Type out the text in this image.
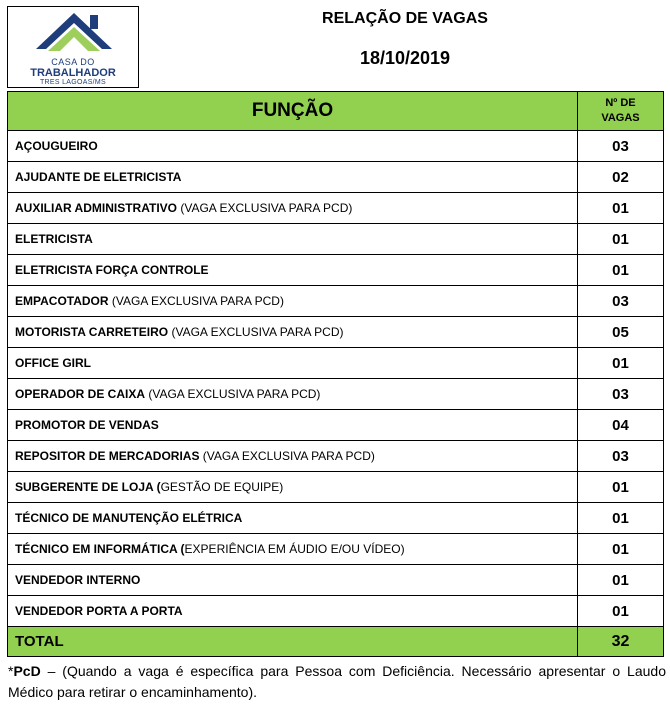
CASA DO
TRABALHADOR
TRES LAGOAS/MS
RELAÇÃO DE VAGAS
18/10/2019
FUNÇÃO	Nº DE
VAGAS
AÇOUGUEIRO	03
AJUDANTE DE ELETRICISTA	02
AUXILIAR ADMINISTRATIVO (VAGA EXCLUSIVA PARA PCD)	01
ELETRICISTA	01
ELETRICISTA FORÇA CONTROLE	01
EMPACOTADOR (VAGA EXCLUSIVA PARA PCD)	03
MOTORISTA CARRETEIRO (VAGA EXCLUSIVA PARA PCD)	05
OFFICE GIRL	01
OPERADOR DE CAIXA (VAGA EXCLUSIVA PARA PCD)	03
PROMOTOR DE VENDAS	04
REPOSITOR DE MERCADORIAS (VAGA EXCLUSIVA PARA PCD)	03
SUBGERENTE DE LOJA (GESTÃO DE EQUIPE)	01
TÉCNICO DE MANUTENÇÃO ELÉTRICA	01
TÉCNICO EM INFORMÁTICA (EXPERIÊNCIA EM ÁUDIO E/OU VÍDEO)	01
VENDEDOR INTERNO	01
VENDEDOR PORTA A PORTA	01
TOTAL	32
*PcD – (Quando a vaga é específica para Pessoa com Deficiência. Necessário apresentar o Laudo Médico para retirar o encaminhamento).
